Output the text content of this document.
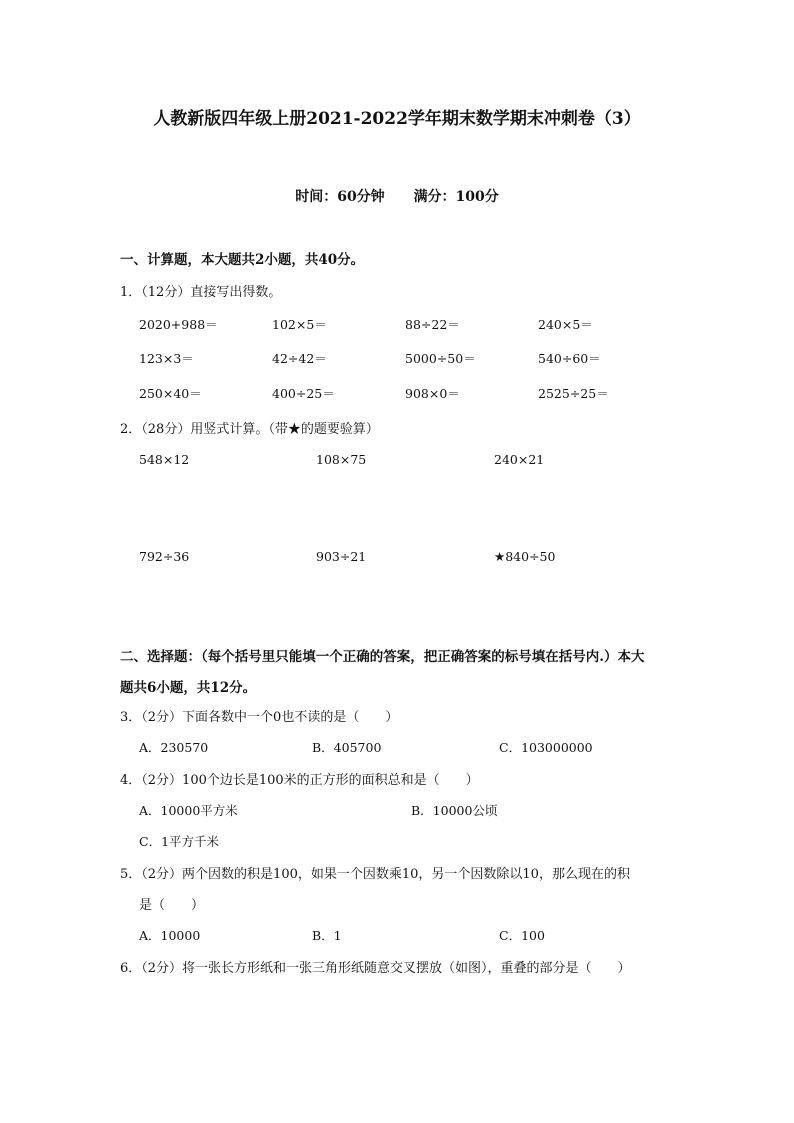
人教新版四年级上册2021-2022学年期末数学期末冲刺卷（3）
时间：60分钟 满分：100分
一、计算题，本大题共2小题，共40分。
1．（12分）直接写出得数。
2020+988＝	102×5＝	88÷22＝	240×5＝
123×3＝	42÷42＝	5000÷50＝	540÷60＝
250×40＝	400÷25＝	908×0＝	2525÷25＝
2．（28分）用竖式计算。（带★的题要验算）
548×12	108×75	240×21
792÷36	903÷21	★840÷50
二、选择题：（每个括号里只能填一个正确的答案，把正确答案的标号填在括号内.）本大
题共6小题，共12分。
3．（2分）下面各数中一个0也不读的是（　　）
A．230570	B．405700	C．103000000
4．（2分）100个边长是100米的正方形的面积总和是（　　）
A．10000平方米	B．10000公顷
C．1平方千米
5．（2分）两个因数的积是100，如果一个因数乘10，另一个因数除以10，那么现在的积
是（　　）
A．10000	B．1	C．100
6．（2分）将一张长方形纸和一张三角形纸随意交叉摆放（如图），重叠的部分是（　　）
